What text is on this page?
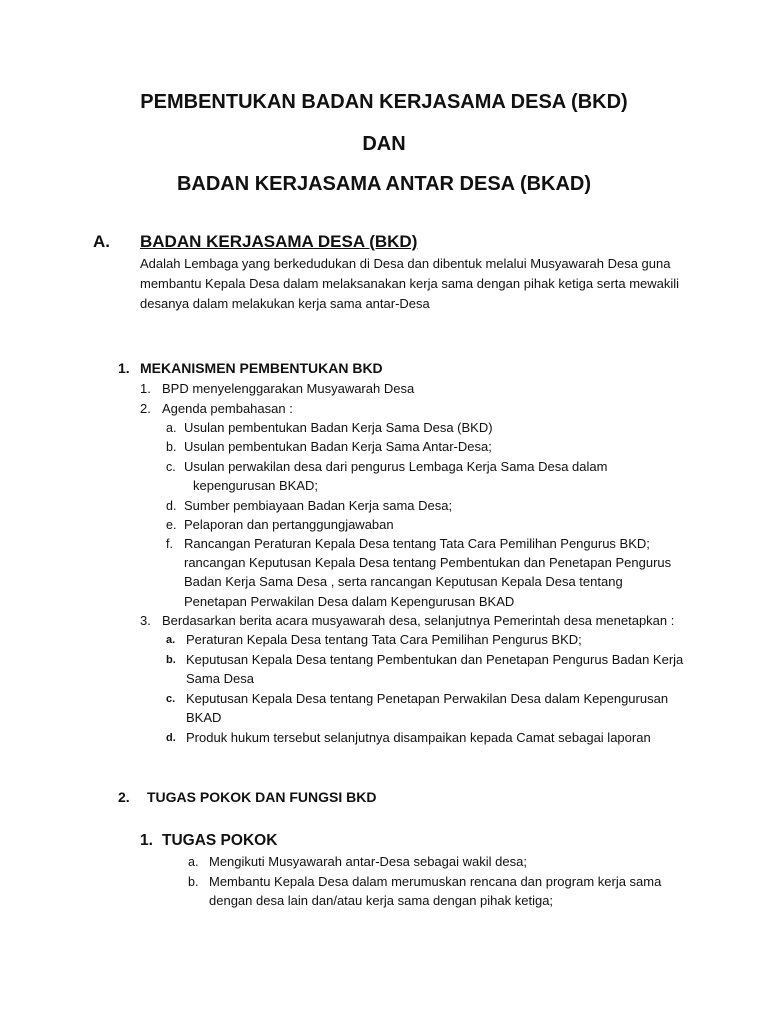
PEMBENTUKAN BADAN KERJASAMA DESA (BKD)
DAN
BADAN KERJASAMA ANTAR DESA (BKAD)
A. BADAN KERJASAMA DESA (BKD)
Adalah Lembaga yang berkedudukan di Desa dan dibentuk melalui Musyawarah Desa guna
membantu Kepala Desa dalam melaksanakan kerja sama dengan pihak ketiga serta mewakili
desanya dalam melakukan kerja sama antar-Desa
1. MEKANISMEN PEMBENTUKAN BKD
1. BPD menyelenggarakan Musyawarah Desa
2. Agenda pembahasan :
a. Usulan pembentukan Badan Kerja Sama Desa (BKD)
b. Usulan pembentukan Badan Kerja Sama Antar-Desa;
c. Usulan perwakilan desa dari pengurus Lembaga Kerja Sama Desa dalam
kepengurusan BKAD;
d. Sumber pembiayaan Badan Kerja sama Desa;
e. Pelaporan dan pertanggungjawaban
f. Rancangan Peraturan Kepala Desa tentang Tata Cara Pemilihan Pengurus BKD;
rancangan Keputusan Kepala Desa tentang Pembentukan dan Penetapan Pengurus
Badan Kerja Sama Desa , serta rancangan Keputusan Kepala Desa tentang
Penetapan Perwakilan Desa dalam Kepengurusan BKAD
3. Berdasarkan berita acara musyawarah desa, selanjutnya Pemerintah desa menetapkan :
a. Peraturan Kepala Desa tentang Tata Cara Pemilihan Pengurus BKD;
b. Keputusan Kepala Desa tentang Pembentukan dan Penetapan Pengurus Badan Kerja
Sama Desa
c. Keputusan Kepala Desa tentang Penetapan Perwakilan Desa dalam Kepengurusan
BKAD
d. Produk hukum tersebut selanjutnya disampaikan kepada Camat sebagai laporan
2. TUGAS POKOK DAN FUNGSI BKD
1. TUGAS POKOK
a. Mengikuti Musyawarah antar-Desa sebagai wakil desa;
b. Membantu Kepala Desa dalam merumuskan rencana dan program kerja sama
dengan desa lain dan/atau kerja sama dengan pihak ketiga;
